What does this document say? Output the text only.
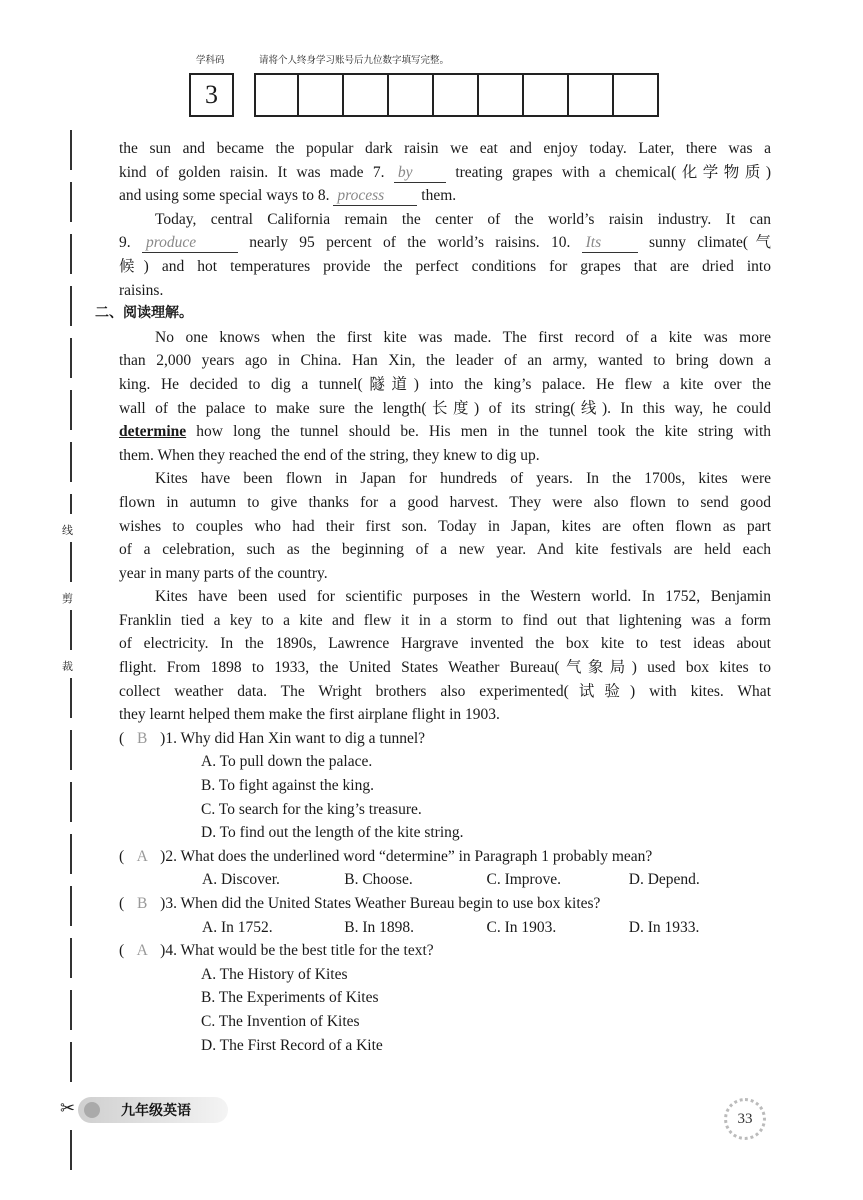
学科码	请将个人终身学习账号后九位数字填写完整。
3
线
剪
裁
✂
the sun and became the popular dark raisin we eat and enjoy today. Later, there was a
kind of golden raisin. It was made 7. by	treating grapes with a chemical(化学物质)
and using some special ways to 8. process them.
Today, central California remain the center of the world’s raisin industry. It can
9. produce	nearly 95 percent of the world’s raisins. 10. Its	sunny climate(气
候) and hot temperatures provide the perfect conditions for grapes that are dried into
raisins.
二、阅读理解。
No one knows when the first kite was made. The first record of a kite was more
than 2,000 years ago in China. Han Xin, the leader of an army, wanted to bring down a
king. He decided to dig a tunnel(隧道) into the king’s palace. He flew a kite over the
wall of the palace to make sure the length(长度) of its string(线). In this way, he could
determine how long the tunnel should be. His men in the tunnel took the kite string with
them. When they reached the end of the string, they knew to dig up.
Kites have been flown in Japan for hundreds of years. In the 1700s, kites were
flown in autumn to give thanks for a good harvest. They were also flown to send good
wishes to couples who had their first son. Today in Japan, kites are often flown as part
of a celebration, such as the beginning of a new year. And kite festivals are held each
year in many parts of the country.
Kites have been used for scientific purposes in the Western world. In 1752, Benjamin
Franklin tied a key to a kite and flew it in a storm to find out that lightening was a form
of electricity. In the 1890s, Lawrence Hargrave invented the box kite to test ideas about
flight. From 1898 to 1933, the United States Weather Bureau(气象局) used box kites to
collect weather data. The Wright brothers also experimented(试验) with kites. What
they learnt helped them make the first airplane flight in 1903.
( B )1. Why did Han Xin want to dig a tunnel?
A. To pull down the palace.
B. To fight against the king.
C. To search for the king’s treasure.
D. To find out the length of the kite string.
( A )2. What does the underlined word “determine” in Paragraph 1 probably mean?
A. Discover.	B. Choose.	C. Improve.	D. Depend.
( B )3. When did the United States Weather Bureau begin to use box kites?
A. In 1752.	B. In 1898.	C. In 1903.	D. In 1933.
( A )4. What would be the best title for the text?
A. The History of Kites
B. The Experiments of Kites
C. The Invention of Kites
D. The First Record of a Kite
九年级英语	33
